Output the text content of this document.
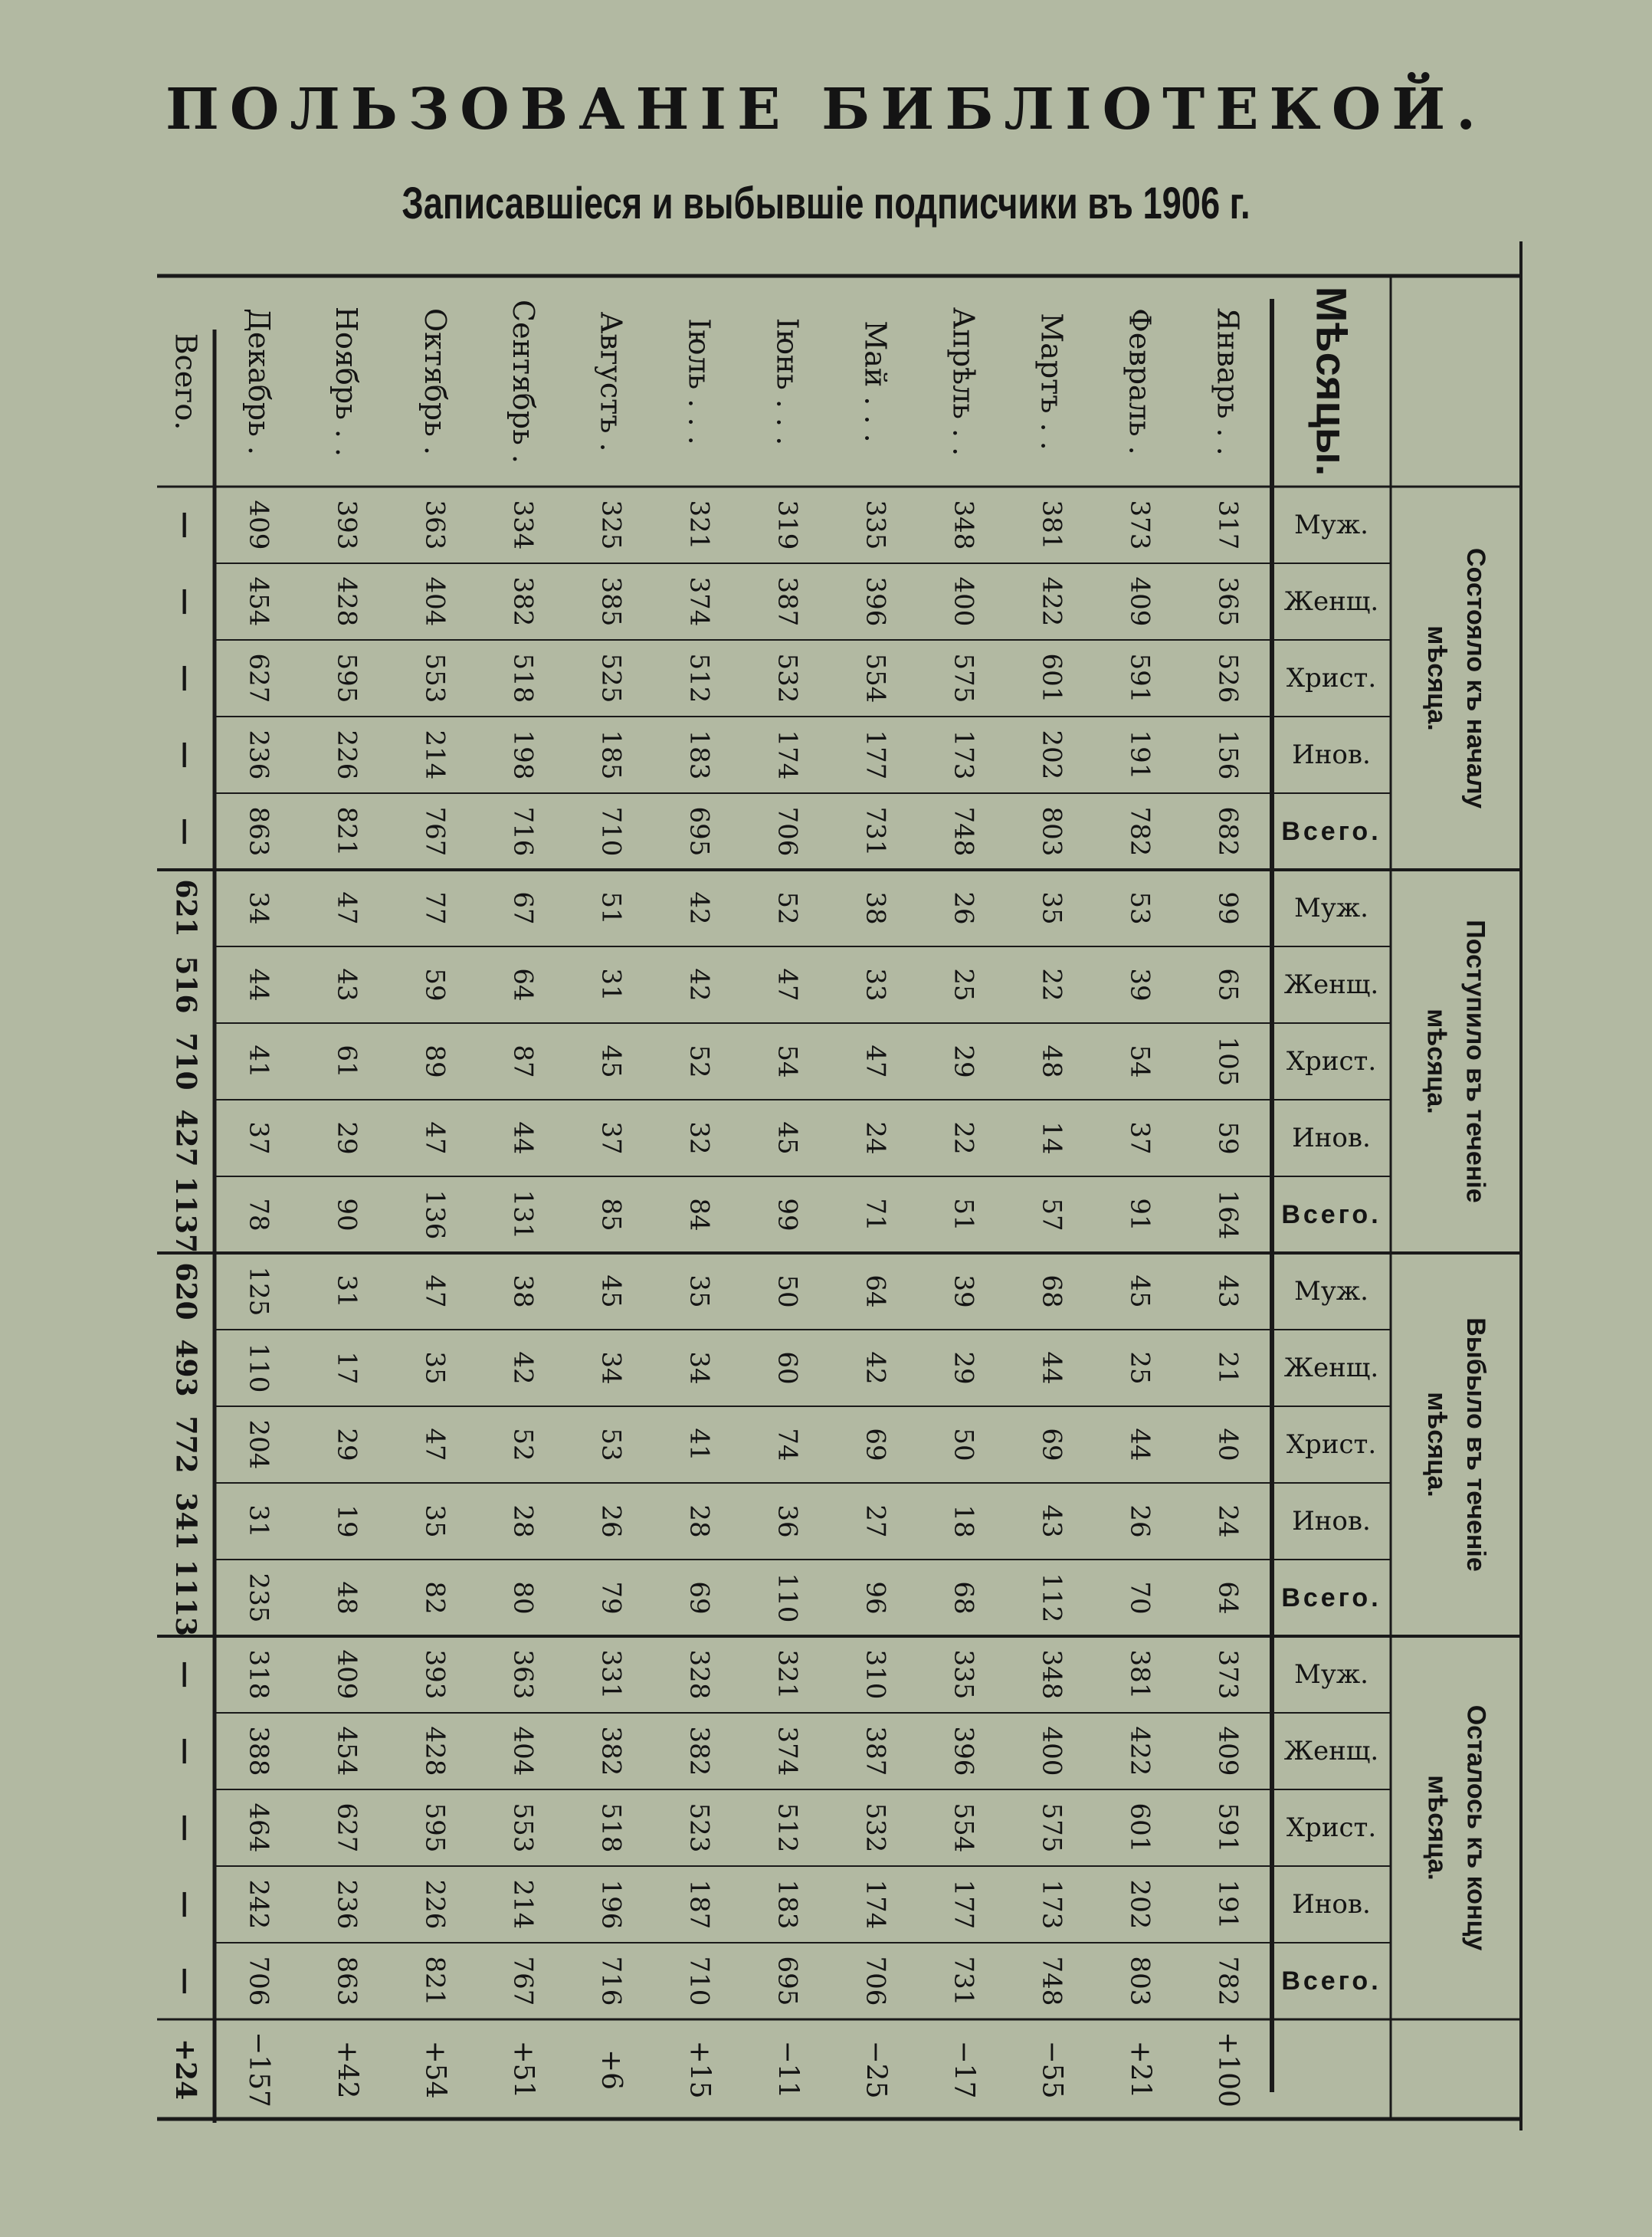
ПОЛЬЗОВАНІЕ БИБЛІОТЕКОЙ.
Записавшіеся и выбывшіе подписчики въ 1906 г.
Мѣсяцы.
Январь . .
Февраль .
Мартъ . .
Апрѣль . .
Май . . .
Іюнь . . .
Іюль . . .
Августъ .
Сентябрь .
Октябрь .
Ноябрь . .
Декабрь .
Всего.
Муж.
Женщ.
Христ.
Инов.
Всего.
Состояло къ началу
мѣсяца.
Муж.
Женщ.
Христ.
Инов.
Всего.
Поступило въ теченіе
мѣсяца.
Муж.
Женщ.
Христ.
Инов.
Всего.
Выбыло въ теченіе
мѣсяца.
Муж.
Женщ.
Христ.
Инов.
Всего.
Осталось къ концу
мѣсяца.
317
365
526
156
682
99
65
105
59
164
43
21
40
24
64
373
409
591
191
782
+100
373
409
591
191
782
53
39
54
37
91
45
25
44
26
70
381
422
601
202
803
+21
381
422
601
202
803
35
22
48
14
57
68
44
69
43
112
348
400
575
173
748
−55
348
400
575
173
748
26
25
29
22
51
39
29
50
18
68
335
396
554
177
731
−17
335
396
554
177
731
38
33
47
24
71
64
42
69
27
96
310
387
532
174
706
−25
319
387
532
174
706
52
47
54
45
99
50
60
74
36
110
321
374
512
183
695
−11
321
374
512
183
695
42
42
52
32
84
35
34
41
28
69
328
382
523
187
710
+15
325
385
525
185
710
51
31
45
37
85
45
34
53
26
79
331
382
518
196
716
+6
334
382
518
198
716
67
64
87
44
131
38
42
52
28
80
363
404
553
214
767
+51
363
404
553
214
767
77
59
89
47
136
47
35
47
35
82
393
428
595
226
821
+54
393
428
595
226
821
47
43
61
29
90
31
17
29
19
48
409
454
627
236
863
+42
409
454
627
236
863
34
44
41
37
78
125
110
204
31
235
318
388
464
242
706
−157
—
—
—
—
—
621
516
710
427
1137
620
493
772
341
1113
—
—
—
—
—
+24
